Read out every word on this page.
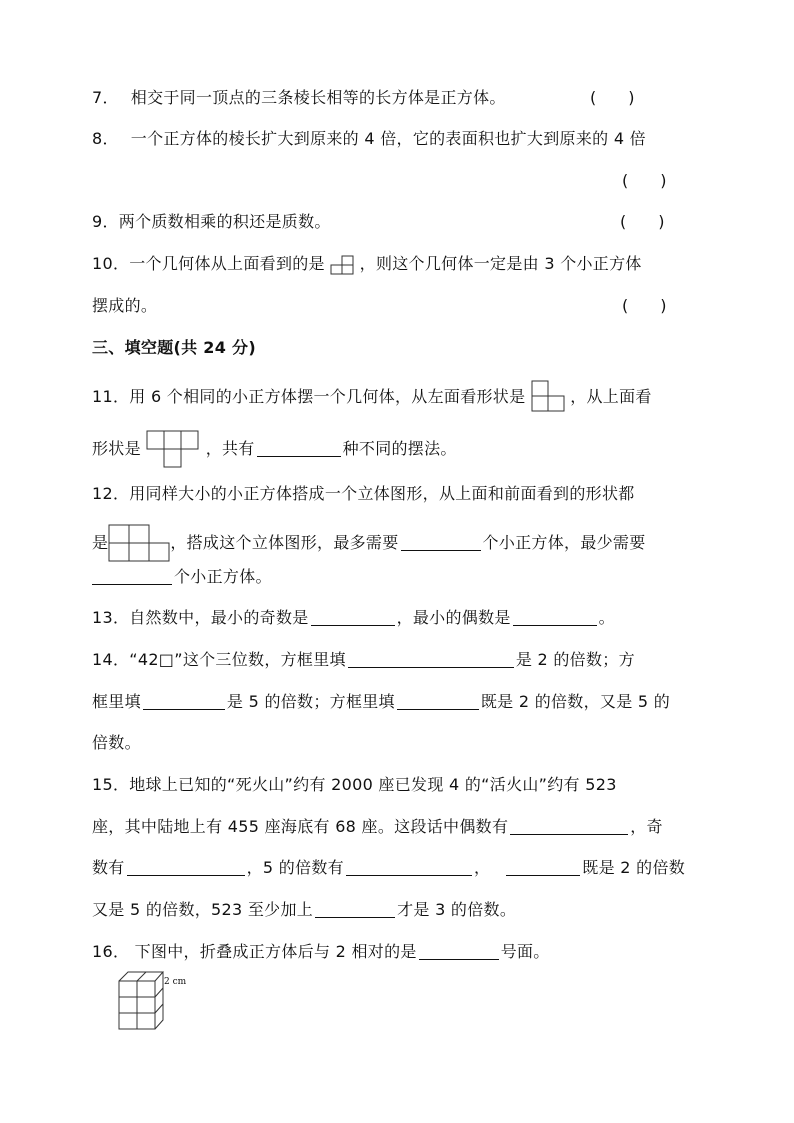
7． 相交于同一顶点的三条棱长相等的长方体是正方体。	(　　)
8． 一个正方体的棱长扩大到原来的 4 倍，它的表面积也扩大到原来的 4 倍
(　　)
9．两个质数相乘的积还是质数。	(　　)
10．一个几何体从上面看到的是 ，则这个几何体一定是由 3 个小正方体
摆成的。	(　　)
三、填空题(共 24 分)
11．用 6 个相同的小正方体摆一个几何体，从左面看形状是	，从上面看
形状是	，共有	种不同的摆法。
12．用同样大小的小正方体搭成一个立体图形，从上面和前面看到的形状都
是	，搭成这个立体图形，最多需要	个小正方体，最少需要
个小正方体。
13．自然数中，最小的奇数是	，最小的偶数是	。
14．“42□”这个三位数，方框里填	是 2 的倍数；方
框里填	是 5 的倍数；方框里填	既是 2 的倍数，又是 5 的
倍数。
15．地球上已知的“死火山”约有 2000 座已发现 4 的“活火山”约有 523
座，其中陆地上有 455 座海底有 68 座。这段话中偶数有	，奇
数有	，5 的倍数有	，	既是 2 的倍数
又是 5 的倍数，523 至少加上	才是 3 的倍数。
16． 下图中，折叠成正方体后与 2 相对的是	号面。
2 cm
